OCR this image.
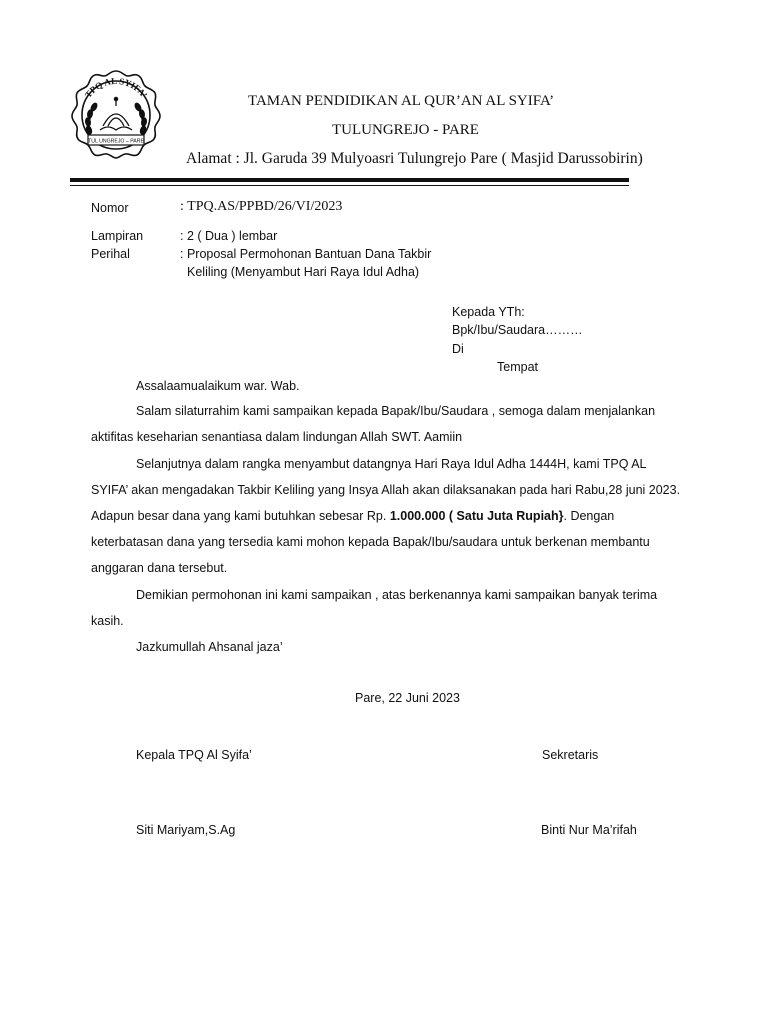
TPQ AL SYIFA’
TUL UNGREJO – PARE
TAMAN PENDIDIKAN AL QUR’AN AL SYIFA’
TULUNGREJO - PARE
Alamat : Jl. Garuda 39 Mulyoasri Tulungrejo Pare ( Masjid Darussobirin)
Nomor	: TPQ.AS/PPBD/26/VI/2023
Lampiran	: 2 ( Dua ) lembar
Perihal	: Proposal Permohonan Bantuan Dana Takbir
Keliling (Menyambut Hari Raya Idul Adha)
Kepada YTh:
Bpk/Ibu/Saudara………
Di
Tempat
Assalaamualaikum war. Wab.
Salam silaturrahim kami sampaikan kepada Bapak/Ibu/Saudara , semoga dalam menjalankan
aktifitas keseharian senantiasa dalam lindungan Allah SWT. Aamiin
Selanjutnya dalam rangka menyambut datangnya Hari Raya Idul Adha 1444H, kami TPQ AL
SYIFA’ akan mengadakan Takbir Keliling yang Insya Allah akan dilaksanakan pada hari Rabu,28 juni 2023.
Adapun besar dana yang kami butuhkan sebesar Rp. 1.000.000 ( Satu Juta Rupiah}. Dengan
keterbatasan dana yang tersedia kami mohon kepada Bapak/Ibu/saudara untuk berkenan membantu
anggaran dana tersebut.
Demikian permohonan ini kami sampaikan , atas berkenannya kami sampaikan banyak terima
kasih.
Jazkumullah Ahsanal jaza’
Pare, 22 Juni 2023
Kepala TPQ Al Syifa’	Sekretaris
Siti Mariyam,S.Ag	Binti Nur Ma’rifah
